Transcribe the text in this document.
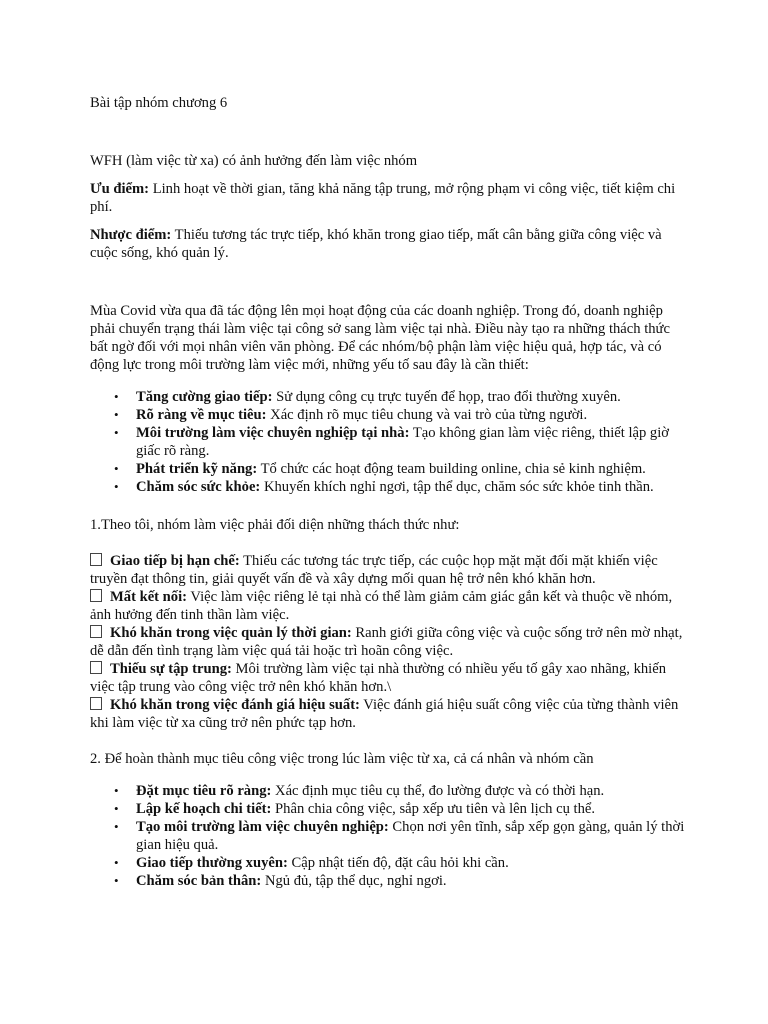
Bài tập nhóm chương 6

WFH (làm việc từ xa) có ảnh hưởng đến làm việc nhóm

Ưu điểm: Linh hoạt về thời gian, tăng khả năng tập trung, mở rộng phạm vi công việc, tiết kiệm chi phí.

Nhược điểm: Thiếu tương tác trực tiếp, khó khăn trong giao tiếp, mất cân bằng giữa công việc và cuộc sống, khó quản lý.

Mùa Covid vừa qua đã tác động lên mọi hoạt động của các doanh nghiệp. Trong đó, doanh nghiệp phải chuyển trạng thái làm việc tại công sở sang làm việc tại nhà. Điều này tạo ra những thách thức bất ngờ đối với mọi nhân viên văn phòng. Để các nhóm/bộ phận làm việc hiệu quả, hợp tác, và có động lực trong môi trường làm việc mới, những yếu tố sau đây là cần thiết:

• Tăng cường giao tiếp: Sử dụng công cụ trực tuyến để họp, trao đổi thường xuyên.
• Rõ ràng về mục tiêu: Xác định rõ mục tiêu chung và vai trò của từng người.
• Môi trường làm việc chuyên nghiệp tại nhà: Tạo không gian làm việc riêng, thiết lập giờ giấc rõ ràng.
• Phát triển kỹ năng: Tổ chức các hoạt động team building online, chia sẻ kinh nghiệm.
• Chăm sóc sức khỏe: Khuyến khích nghỉ ngơi, tập thể dục, chăm sóc sức khỏe tinh thần.

1.Theo tôi, nhóm làm việc phải đối diện những thách thức như:

Giao tiếp bị hạn chế: Thiếu các tương tác trực tiếp, các cuộc họp mặt mặt đối mặt khiến việc truyền đạt thông tin, giải quyết vấn đề và xây dựng mối quan hệ trở nên khó khăn hơn.

Mất kết nối: Việc làm việc riêng lẻ tại nhà có thể làm giảm cảm giác gắn kết và thuộc về nhóm, ảnh hưởng đến tinh thần làm việc.

Khó khăn trong việc quản lý thời gian: Ranh giới giữa công việc và cuộc sống trở nên mờ nhạt, dễ dẫn đến tình trạng làm việc quá tải hoặc trì hoãn công việc.

Thiếu sự tập trung: Môi trường làm việc tại nhà thường có nhiều yếu tố gây xao nhãng, khiến việc tập trung vào công việc trở nên khó khăn hơn.\

Khó khăn trong việc đánh giá hiệu suất: Việc đánh giá hiệu suất công việc của từng thành viên khi làm việc từ xa cũng trở nên phức tạp hơn.

2. Để hoàn thành mục tiêu công việc trong lúc làm việc từ xa, cả cá nhân và nhóm cần

• Đặt mục tiêu rõ ràng: Xác định mục tiêu cụ thể, đo lường được và có thời hạn.
• Lập kế hoạch chi tiết: Phân chia công việc, sắp xếp ưu tiên và lên lịch cụ thể.
• Tạo môi trường làm việc chuyên nghiệp: Chọn nơi yên tĩnh, sắp xếp gọn gàng, quản lý thời gian hiệu quả.
• Giao tiếp thường xuyên: Cập nhật tiến độ, đặt câu hỏi khi cần.
• Chăm sóc bản thân: Ngủ đủ, tập thể dục, nghỉ ngơi.
